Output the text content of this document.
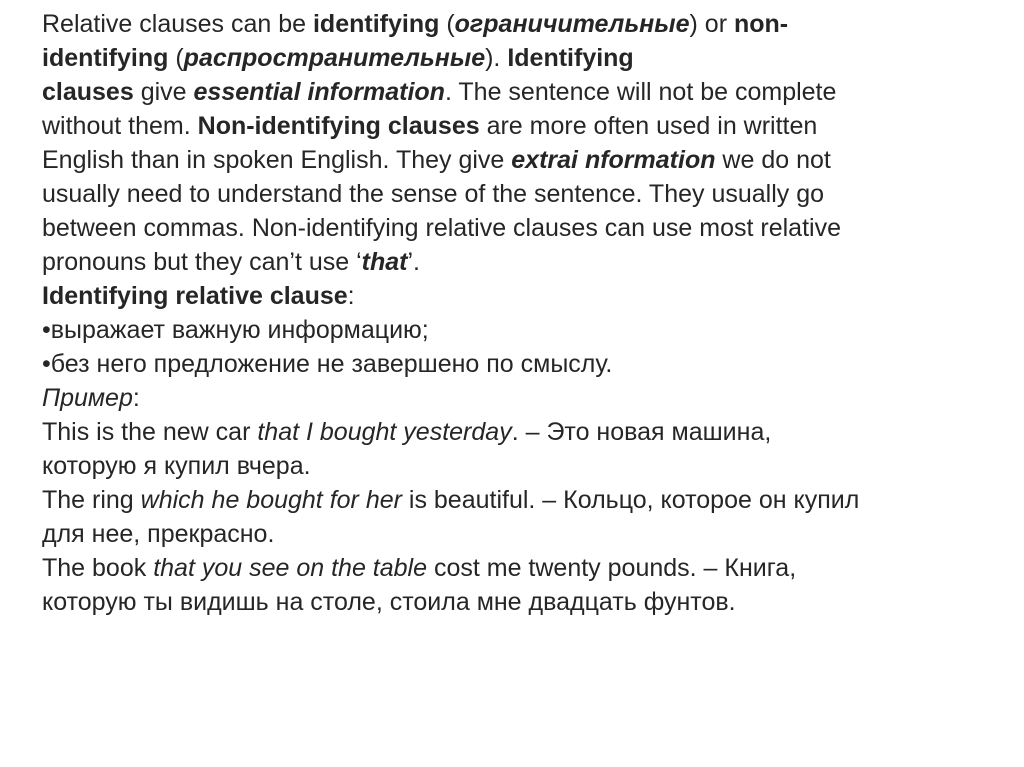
Relative clauses can be identifying (ограничительные) or non-
identifying (распространительные). Identifying
clauses give essential information. The sentence will not be complete
without them. Non-identifying clauses are more often used in written
English than in spoken English. They give extrai nformation we do not
usually need to understand the sense of the sentence. They usually go
between commas. Non-identifying relative clauses can use most relative
pronouns but they can’t use ‘that’.
Identifying relative clause:
•выражает важную информацию;
•без него предложение не завершено по смыслу.
Пример:
This is the new car that I bought yesterday. – Это новая машина,
которую я купил вчера.
The ring which he bought for her is beautiful. – Кольцо, которое он купил
для нее, прекрасно.
The book that you see on the table cost me twenty pounds. – Книга,
которую ты видишь на столе, стоила мне двадцать фунтов.
